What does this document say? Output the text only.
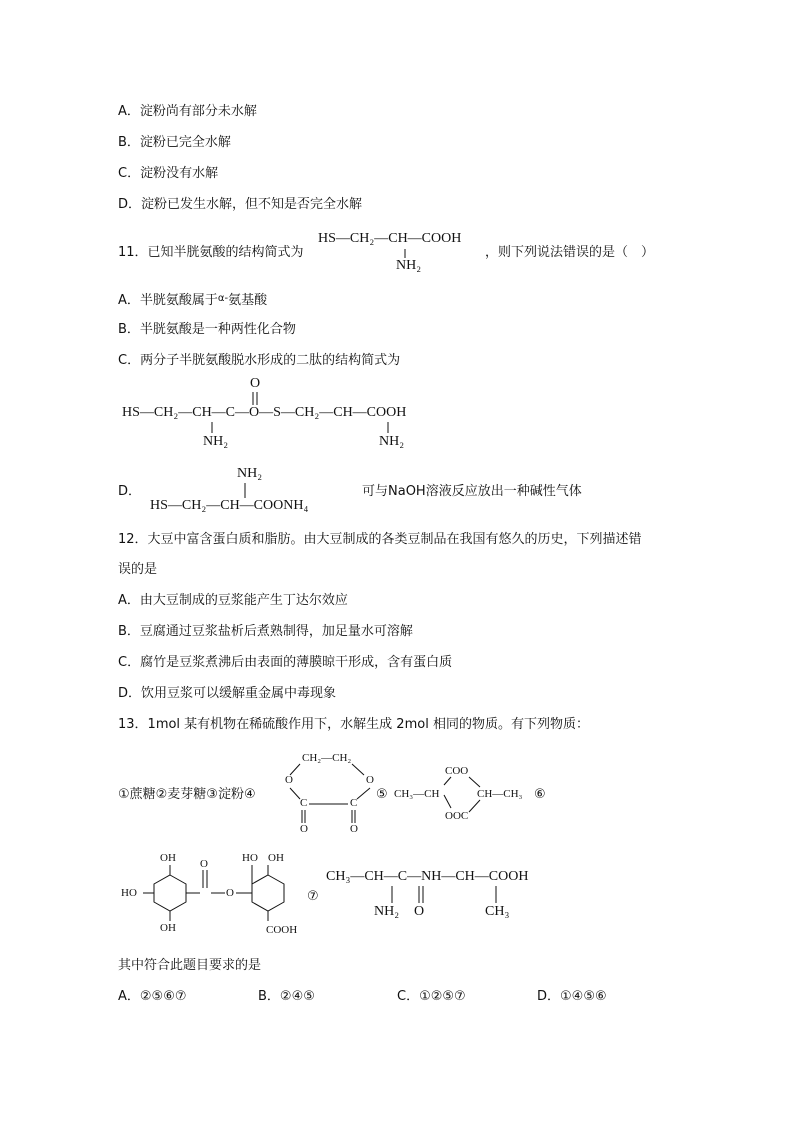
A．淀粉尚有部分未水解
B．淀粉已完全水解
C．淀粉没有水解
D．淀粉已发生水解，但不知是否完全水解
11．已知半胱氨酸的结构简式为
HS—CH₂—CH—COOH
NH₂
，则下列说法错误的是（　）
A．半胱氨酸属于$^{\alpha-}$氨基酸
B．半胱氨酸是一种两性化合物
C．两分子半胱氨酸脱水形成的二肽的结构简式为
O
HS—CH₂—CH—C—O—S—CH₂—CH—COOH
NH₂	NH₂
D．
NH₂
HS—CH₂—CH—COONH₄
可与NaOH溶液反应放出一种碱性气体
12．大豆中富含蛋白质和脂肪。由大豆制成的各类豆制品在我国有悠久的历史，下列描述错
误的是
A．由大豆制成的豆浆能产生丁达尔效应
B．豆腐通过豆浆盐析后煮熟制得，加足量水可溶解
C．腐竹是豆浆煮沸后由表面的薄膜晾干形成，含有蛋白质
D．饮用豆浆可以缓解重金属中毒现象
13．1mol 某有机物在稀硫酸作用下，水解生成 2mol 相同的物质。有下列物质：
①蔗糖②麦芽糖③淀粉④
CH₂—CH₂
O	O
C	C
O	O
⑤ CH₃—CH
COO
OOC
CH—CH₃ ⑥
OH
HO
OH
O
O
HO OH
COOH
⑦
CH₃—CH—C—NH—CH—COOH
NH₂ O	CH₃
其中符合此题目要求的是
A．②⑤⑥⑦	B．②④⑤	C．①②⑤⑦	D．①④⑤⑥
